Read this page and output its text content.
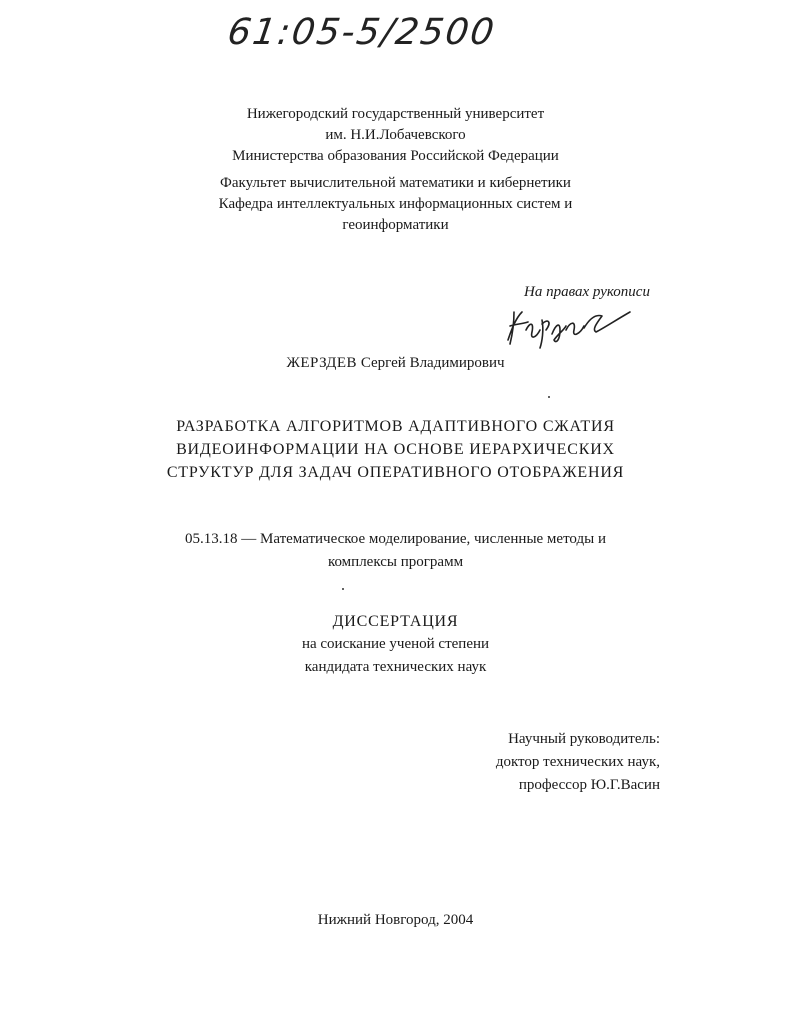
61:05-5/2500
Нижегородский государственный университет
им. Н.И.Лобачевского
Министерства образования Российской Федерации
Факультет вычислительной математики и кибернетики
Кафедра интеллектуальных информационных систем и
геоинформатики
На правах рукописи
ЖЕРЗДЕВ Сергей Владимирович
РАЗРАБОТКА АЛГОРИТМОВ АДАПТИВНОГО СЖАТИЯ
ВИДЕОИНФОРМАЦИИ НА ОСНОВЕ ИЕРАРХИЧЕСКИХ
СТРУКТУР ДЛЯ ЗАДАЧ ОПЕРАТИВНОГО ОТОБРАЖЕНИЯ
05.13.18 — Математическое моделирование, численные методы и
комплексы программ
ДИССЕРТАЦИЯ
на соискание ученой степени
кандидата технических наук
Научный руководитель:
доктор технических наук,
профессор Ю.Г.Васин
Нижний Новгород, 2004
